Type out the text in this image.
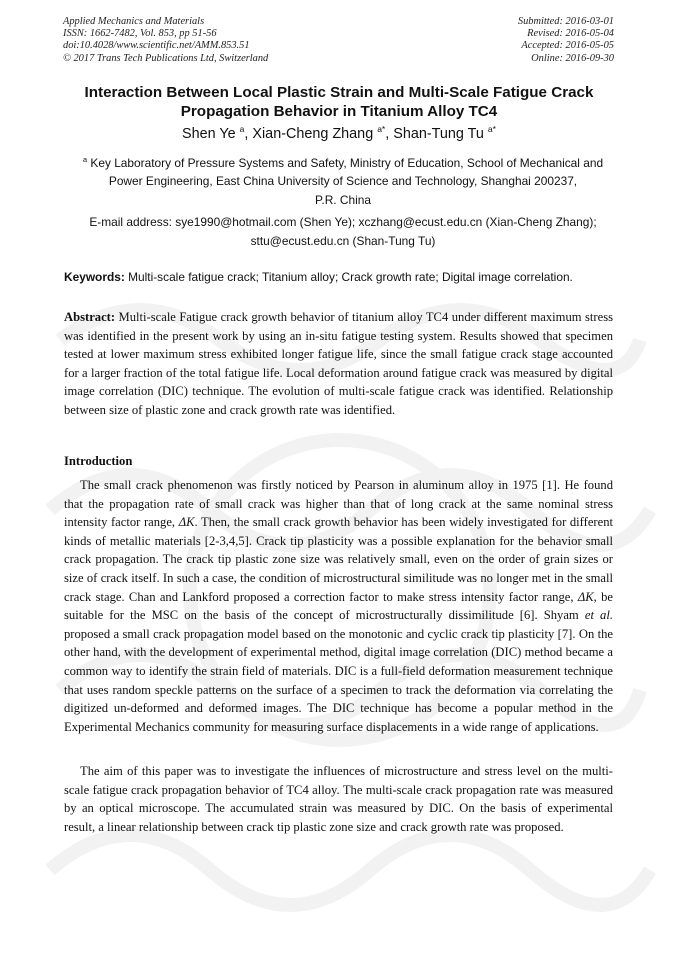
Applied Mechanics and Materials
ISSN: 1662-7482, Vol. 853, pp 51-56
doi:10.4028/www.scientific.net/AMM.853.51
© 2017 Trans Tech Publications Ltd, Switzerland
Submitted: 2016-03-01
Revised: 2016-05-04
Accepted: 2016-05-05
Online: 2016-09-30
Interaction Between Local Plastic Strain and Multi-Scale Fatigue Crack
Propagation Behavior in Titanium Alloy TC4
Shen Ye $^a$, Xian-Cheng Zhang $^{a*}$, Shan-Tung Tu $^{a*}$
$^a$ Key Laboratory of Pressure Systems and Safety, Ministry of Education, School of Mechanical and
Power Engineering, East China University of Science and Technology, Shanghai 200237,
P.R. China
E-mail address: sye1990@hotmail.com (Shen Ye); xczhang@ecust.edu.cn (Xian-Cheng Zhang);
sttu@ecust.edu.cn (Shan-Tung Tu)
Keywords: Multi-scale fatigue crack; Titanium alloy; Crack growth rate; Digital image correlation.
Abstract: Multi-scale Fatigue crack growth behavior of titanium alloy TC4 under different maximum stress was identified in the present work by using an in-situ fatigue testing system. Results showed that specimen tested at lower maximum stress exhibited longer fatigue life, since the small fatigue crack stage accounted for a larger fraction of the total fatigue life. Local deformation around fatigue crack was measured by digital image correlation (DIC) technique. The evolution of multi-scale fatigue crack was identified. Relationship between size of plastic zone and crack growth rate was identified.
Introduction
The small crack phenomenon was firstly noticed by Pearson in aluminum alloy in 1975 [1]. He found that the propagation rate of small crack was higher than that of long crack at the same nominal stress intensity factor range, ΔK. Then, the small crack growth behavior has been widely investigated for different kinds of metallic materials [2-3,4,5]. Crack tip plasticity was a possible explanation for the behavior small crack propagation. The crack tip plastic zone size was relatively small, even on the order of grain sizes or size of crack itself. In such a case, the condition of microstructural similitude was no longer met in the small crack stage. Chan and Lankford proposed a correction factor to make stress intensity factor range, ΔK, be suitable for the MSC on the basis of the concept of microstructurally dissimilitude [6]. Shyam et al. proposed a small crack propagation model based on the monotonic and cyclic crack tip plasticity [7]. On the other hand, with the development of experimental method, digital image correlation (DIC) method became a common way to identify the strain field of materials. DIC is a full-field deformation measurement technique that uses random speckle patterns on the surface of a specimen to track the deformation via correlating the digitized un-deformed and deformed images. The DIC technique has become a popular method in the Experimental Mechanics community for measuring surface displacements in a wide range of applications.
The aim of this paper was to investigate the influences of microstructure and stress level on the multi-scale fatigue crack propagation behavior of TC4 alloy. The multi-scale crack propagation rate was measured by an optical microscope. The accumulated strain was measured by DIC. On the basis of experimental result, a linear relationship between crack tip plastic zone size and crack growth rate was proposed.
